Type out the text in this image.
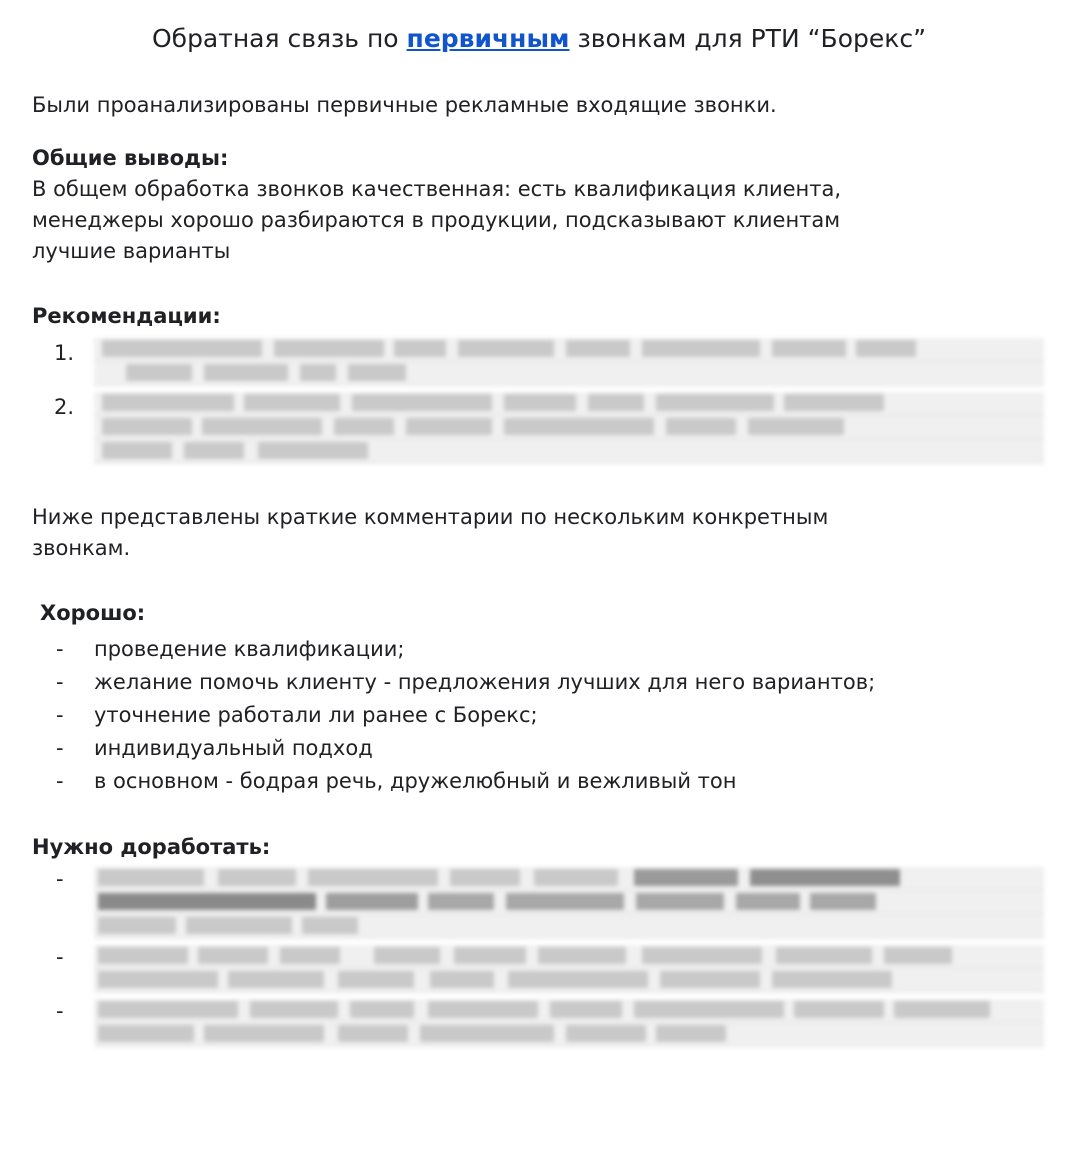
Обратная связь по первичным звонкам для РТИ “Борекс”

Были проанализированы первичные рекламные входящие звонки.

Общие выводы:

В общем обработка звонков качественная: есть квалификация клиента,

менеджеры хорошо разбираются в продукции, подсказывают клиентам

лучшие варианты

Рекомендации:
1.
2.

Ниже представлены краткие комментарии по нескольким конкретным

звонкам.

Хорошо:
- проведение квалификации;
- желание помочь клиенту - предложения лучших для него вариантов;
- уточнение работали ли ранее с Борекс;
- индивидуальный подход
- в основном - бодрая речь, дружелюбный и вежливый тон
Нужно доработать:
-
-
-
